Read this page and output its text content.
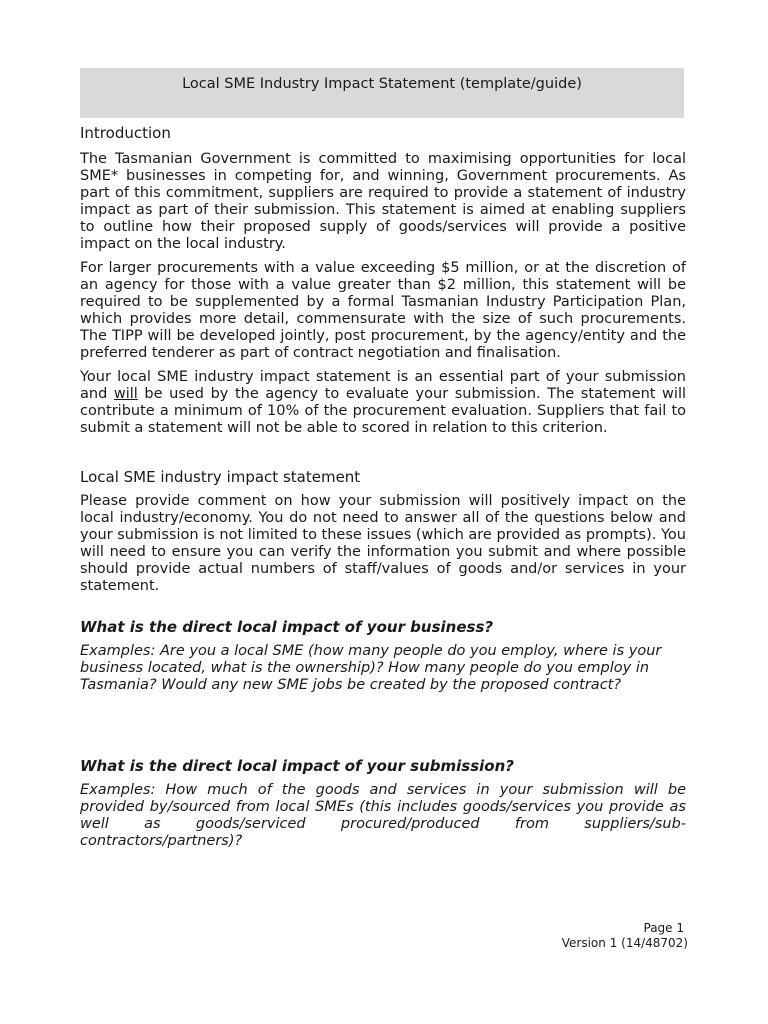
Local SME Industry Impact Statement (template/guide)
Introduction

The Tasmanian Government is committed to maximising opportunities for local SME* businesses in competing for, and winning, Government procurements. As part of this commitment, suppliers are required to provide a statement of industry impact as part of their submission. This statement is aimed at enabling suppliers to outline how their proposed supply of goods/services will provide a positive impact on the local industry.

For larger procurements with a value exceeding $5 million, or at the discretion of an agency for those with a value greater than $2 million, this statement will be required to be supplemented by a formal Tasmanian Industry Participation Plan, which provides more detail, commensurate with the size of such procurements. The TIPP will be developed jointly, post procurement, by the agency/entity and the preferred tenderer as part of contract negotiation and finalisation.

Your local SME industry impact statement is an essential part of your submission and will be used by the agency to evaluate your submission. The statement will contribute a minimum of 10% of the procurement evaluation. Suppliers that fail to submit a statement will not be able to scored in relation to this criterion.

Local SME industry impact statement

Please provide comment on how your submission will positively impact on the local industry/economy. You do not need to answer all of the questions below and your submission is not limited to these issues (which are provided as prompts). You will need to ensure you can verify the information you submit and where possible should provide actual numbers of staff/values of goods and/or services in your statement.

What is the direct local impact of your business?
Examples: Are you a local SME (how many people do you employ, where is your business located, what is the ownership)? How many people do you employ in Tasmania? Would any new SME jobs be created by the proposed contract?
What is the direct local impact of your submission?
Examples: How much of the goods and services in your submission will be provided by/sourced from local SMEs (this includes goods/services you provide as well as goods/serviced procured/produced from suppliers/sub-contractors/partners)?
Page 1
Version 1 (14/48702)
